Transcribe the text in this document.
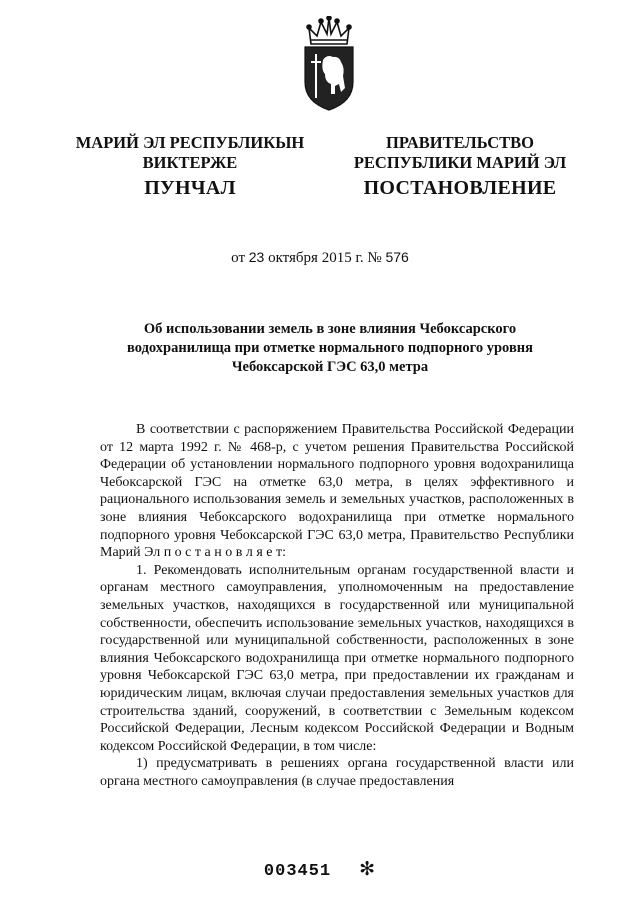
МАРИЙ ЭЛ РЕСПУБЛИКЫН
ВИКТЕРЖЕ
ПРАВИТЕЛЬСТВО
РЕСПУБЛИКИ МАРИЙ ЭЛ
ПУНЧАЛ	ПОСТАНОВЛЕНИЕ
от 23 октября 2015 г. № 576
Об использовании земель в зоне влияния Чебоксарского
водохранилища при отметке нормального подпорного уровня
Чебоксарской ГЭС 63,0 метра

В соответствии с распоряжением Правительства Российской Федерации от 12 марта 1992 г. № 468-р, с учетом решения Правительства Российской Федерации об установлении нормального подпорного уровня водохранилища Чебоксарской ГЭС на отметке 63,0 метра, в целях эффективного и рационального использования земель и земельных участков, расположенных в зоне влияния Чебоксарского водохранилища при отметке нормального подпорного уровня Чебоксарской ГЭС 63,0 метра, Правительство Республики Марий Эл п о с т а н о в л я е т:

1. Рекомендовать исполнительным органам государственной власти и органам местного самоуправления, уполномоченным на предоставление земельных участков, находящихся в государственной или муниципальной собственности, обеспечить использование земельных участков, находящихся в государственной или муниципальной собственности, расположенных в зоне влияния Чебоксарского водохранилища при отметке нормального подпорного уровня Чебоксарской ГЭС 63,0 метра, при предоставлении их гражданам и юридическим лицам, включая случаи предоставления земельных участков для строительства зданий, сооружений, в соответствии с Земельным кодексом Российской Федерации, Лесным кодексом Российской Федерации и Водным кодексом Российской Федерации, в том числе:

1) предусматривать в решениях органа государственной власти или органа местного самоуправления (в случае предоставления

003451 ✻
